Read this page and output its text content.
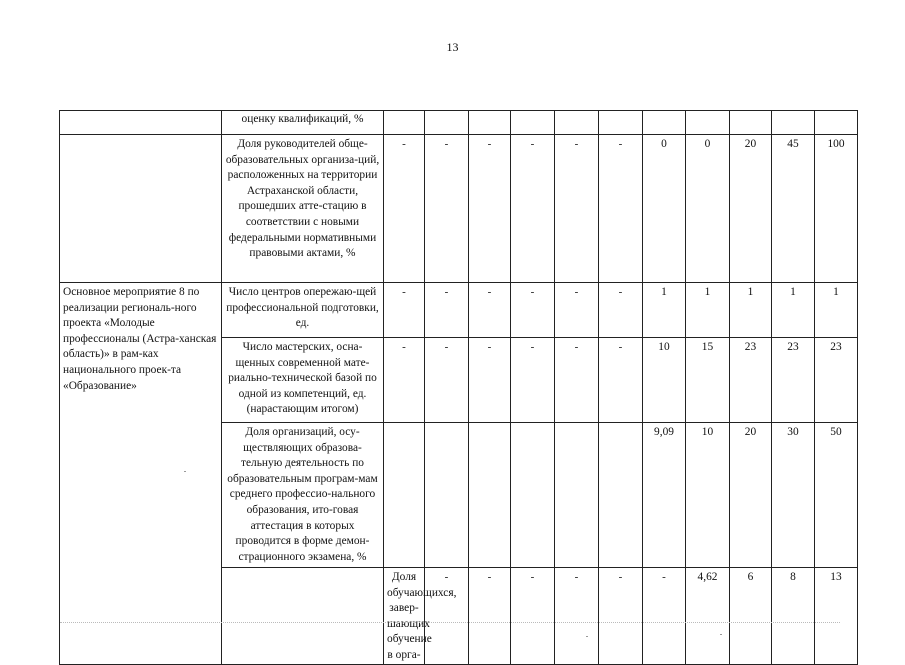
13
	оценку квалификаций, %												
	Доля руководителей обще-образовательных организа-ций, расположенных на территории Астраханской области, прошедших атте-стацию в соответствии с новыми федеральными нормативными правовыми актами, %	-	-	-	-	-	-	0	0	20	45	100	
Основное мероприятие 8 по реализации региональ-ного проекта «Молодые профессионалы (Астра-ханская область)» в рам-ках национального проек-та «Образование»	Число центров опережаю-щей профессиональной подготовки, ед.	-	-	-	-	-	-	1	1	1	1	1	
	Число мастерских, осна-щенных современной мате-риально-технической базой по одной из компетенций, ед. (нарастающим итогом)	-	-	-	-	-	-	10	15	23	23	23	
	Доля организаций, осу-ществляющих образова-тельную деятельность по образовательным програм-мам среднего профессио-нального образования, ито-говая аттестация в которых проводится в форме демон-страционного экзамена, %							9,09	10	20	30	50	
		Доля обучающихся, завер-шающих обучение в орга-	-	-	-	-	-	-	4,62	6	8	13	
